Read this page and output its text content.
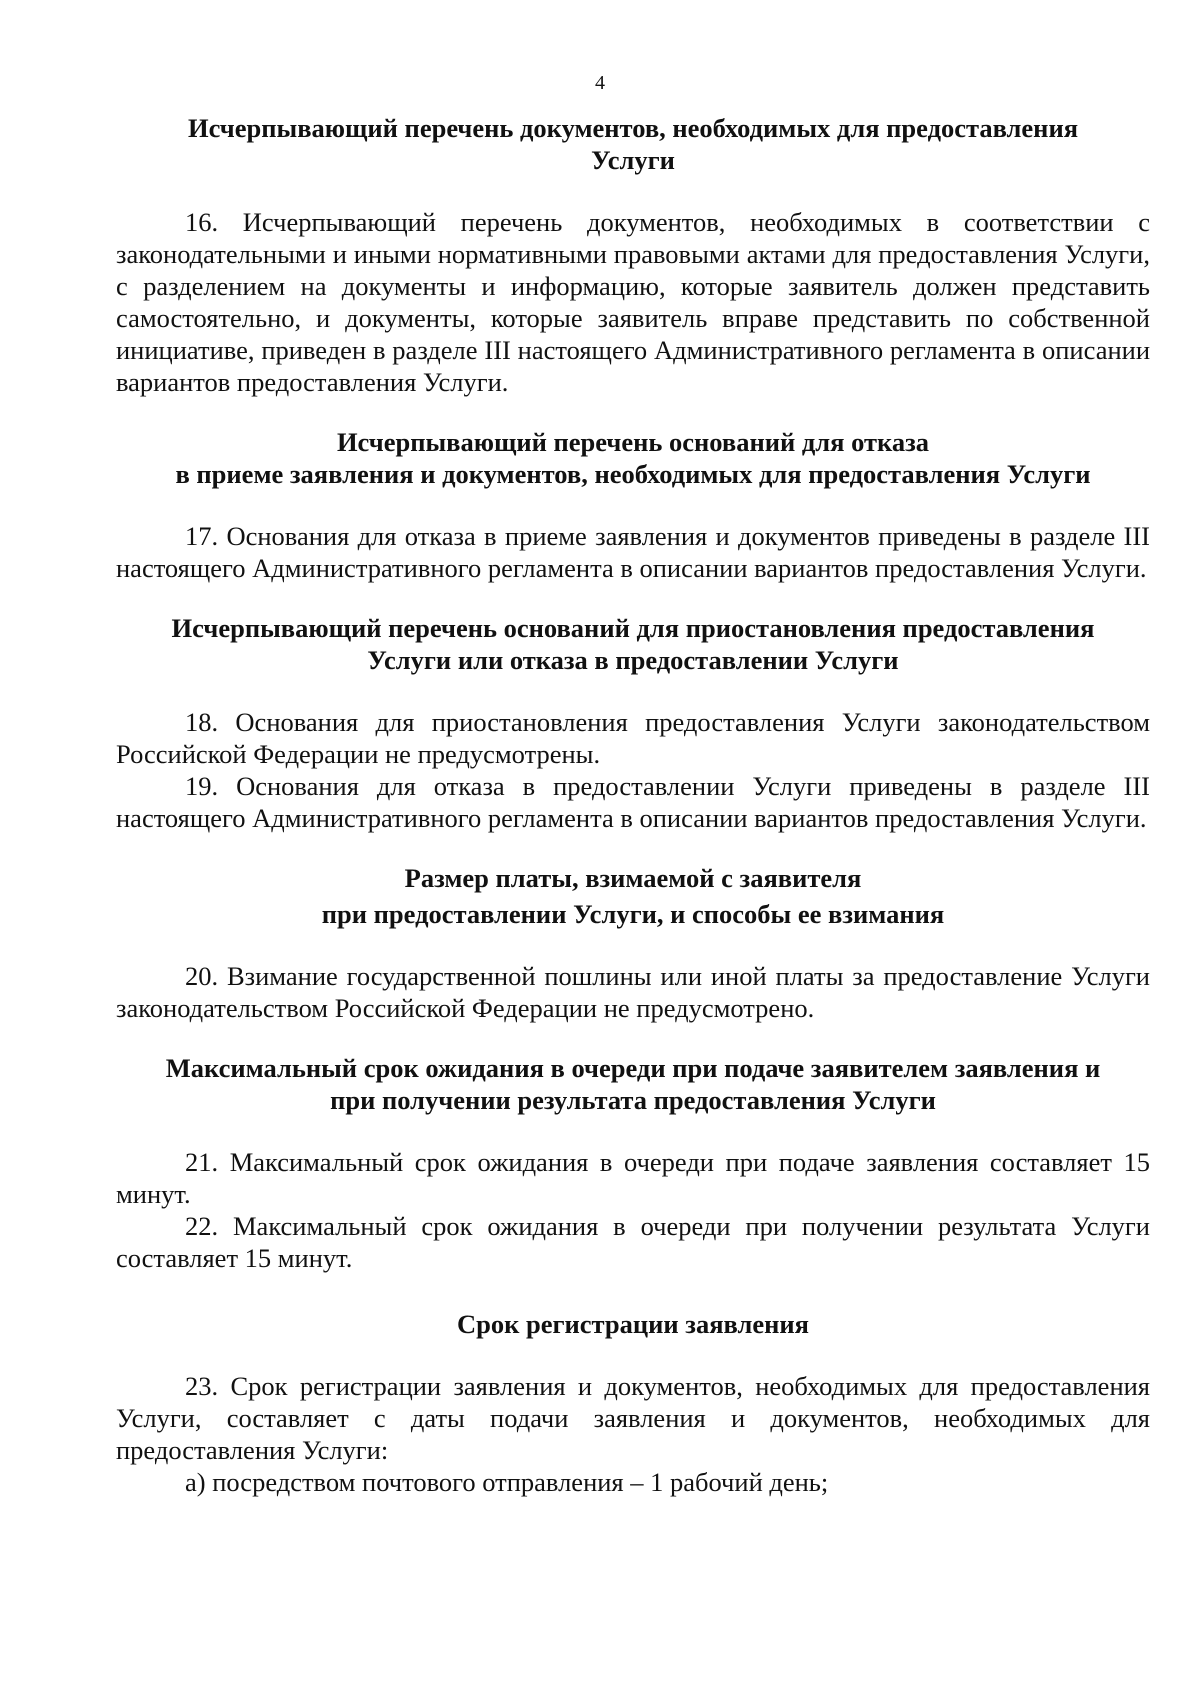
4
Исчерпывающий перечень документов, необходимых для предоставления
Услуги

16. Исчерпывающий перечень документов, необходимых в соответствии с законодательными и иными нормативными правовыми актами для предоставления Услуги, с разделением на документы и информацию, которые заявитель должен представить самостоятельно, и документы, которые заявитель вправе представить по собственной инициативе, приведен в разделе III настоящего Административного регламента в описании вариантов предоставления Услуги.

Исчерпывающий перечень оснований для отказа
в приеме заявления и документов, необходимых для предоставления Услуги

17. Основания для отказа в приеме заявления и документов приведены в разделе III настоящего Административного регламента в описании вариантов предоставления Услуги.

Исчерпывающий перечень оснований для приостановления предоставления
Услуги или отказа в предоставлении Услуги

18. Основания для приостановления предоставления Услуги законодательством Российской Федерации не предусмотрены.

19. Основания для отказа в предоставлении Услуги приведены в разделе III настоящего Административного регламента в описании вариантов предоставления Услуги.

Размер платы, взимаемой с заявителя
при предоставлении Услуги, и способы ее взимания

20. Взимание государственной пошлины или иной платы за предоставление Услуги законодательством Российской Федерации не предусмотрено.

Максимальный срок ожидания в очереди при подаче заявителем заявления и
при получении результата предоставления Услуги

21. Максимальный срок ожидания в очереди при подаче заявления составляет 15 минут.

22. Максимальный срок ожидания в очереди при получении результата Услуги составляет 15 минут.

Срок регистрации заявления

23. Срок регистрации заявления и документов, необходимых для предоставления Услуги, составляет с даты подачи заявления и документов, необходимых для предоставления Услуги:

а) посредством почтового отправления – 1 рабочий день;
